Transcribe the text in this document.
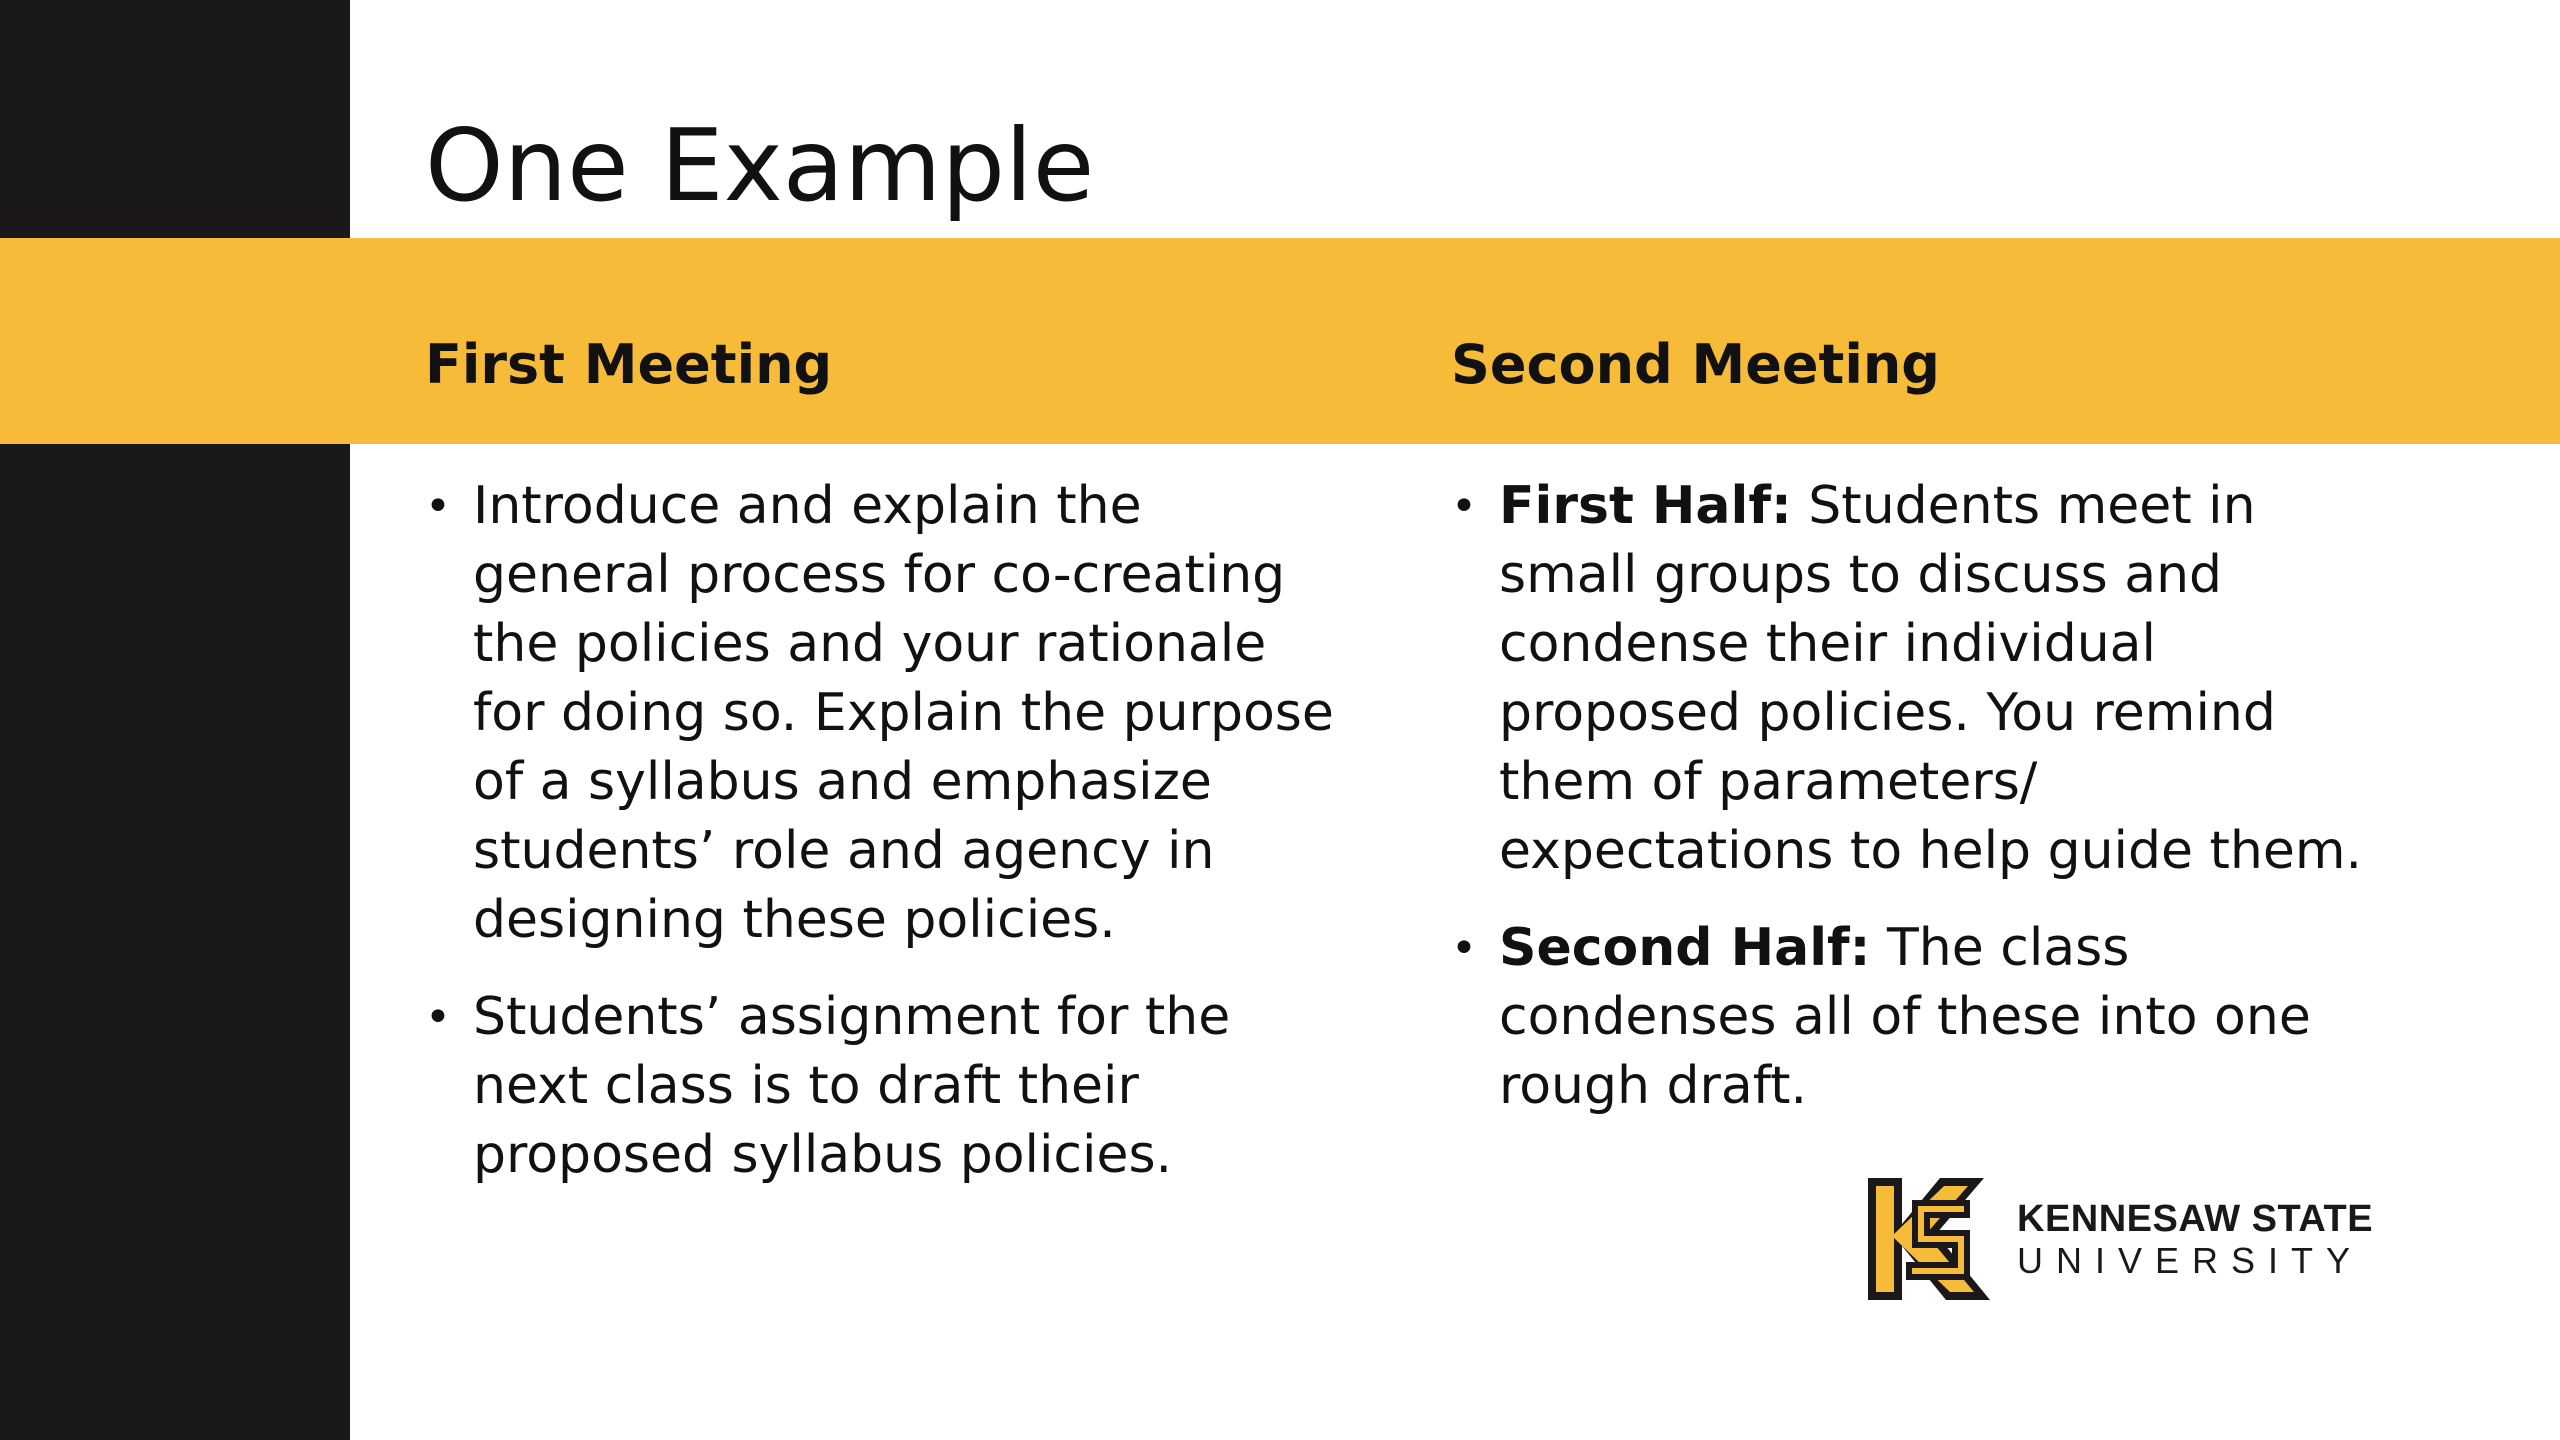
One Example
First Meeting	Second Meeting
• Introduce and explain the general process for co-creating the policies and your rationale for doing so. Explain the purpose of a syllabus and emphasize students’ role and agency in designing these policies.
• Students’ assignment for the next class is to draft their proposed syllabus policies.
• First Half: Students meet in small groups to discuss and condense their individual proposed policies. You remind them of parameters/ expectations to help guide them.
• Second Half: The class condenses all of these into one rough draft.
KENNESAW STATE
UNIVERSITY
